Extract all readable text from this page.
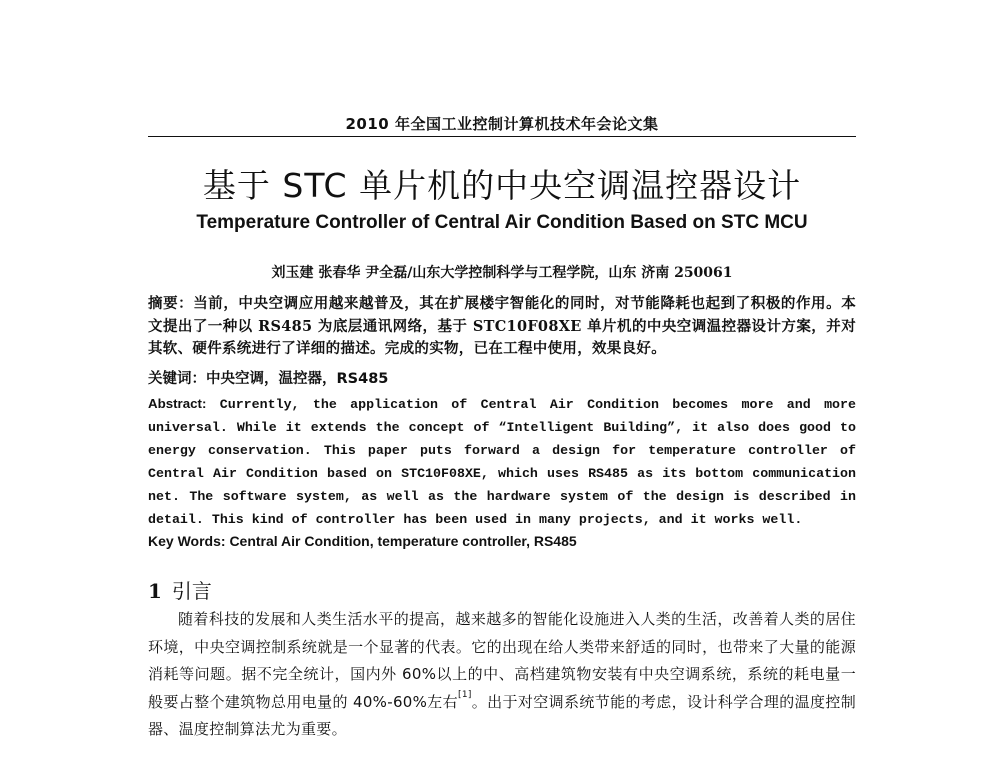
2010 年全国工业控制计算机技术年会论文集
基于 STC 单片机的中央空调温控器设计
Temperature Controller of Central Air Condition Based on STC MCU
刘玉建 张春华 尹全磊/山东大学控制科学与工程学院，山东 济南 250061
摘要：当前，中央空调应用越来越普及，其在扩展楼宇智能化的同时，对节能降耗也起到了积极的作用。本文提出了一种以 RS485 为底层通讯网络，基于 STC10F08XE 单片机的中央空调温控器设计方案，并对其软、硬件系统进行了详细的描述。完成的实物，已在工程中使用，效果良好。
关键词：中央空调，温控器，RS485
Abstract: Currently, the application of Central Air Condition becomes more and more universal. While it extends the concept of “Intelligent Building”, it also does good to energy conservation. This paper puts forward a design for temperature controller of Central Air Condition based on STC10F08XE, which uses RS485 as its bottom communication net. The software system, as well as the hardware system of the design is described in detail. This kind of controller has been used in many projects, and it works well.
Key Words: Central Air Condition, temperature controller, RS485
1 引言
随着科技的发展和人类生活水平的提高，越来越多的智能化设施进入人类的生活，改善着人类的居住环境，中央空调控制系统就是一个显著的代表。它的出现在给人类带来舒适的同时，也带来了大量的能源消耗等问题。据不完全统计，国内外 60%以上的中、高档建筑物安装有中央空调系统，系统的耗电量一般要占整个建筑物总用电量的 40%-60%左右[1]。出于对空调系统节能的考虑，设计科学合理的温度控制器、温度控制算法尤为重要。
